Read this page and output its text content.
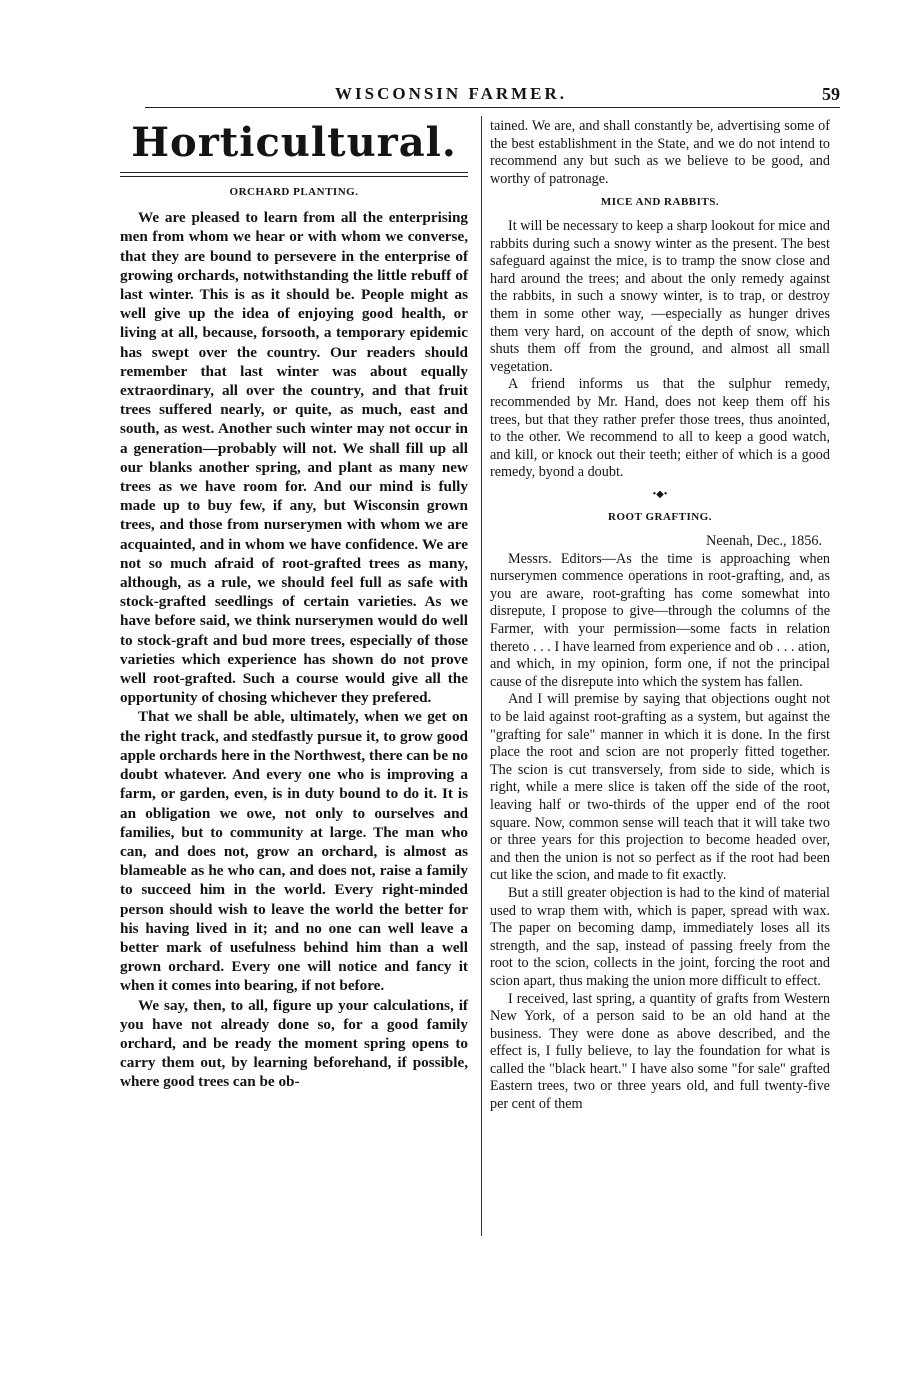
WISCONSIN FARMER.	59
Horticultural.
ORCHARD PLANTING.

We are pleased to learn from all the enterprising men from whom we hear or with whom we converse, that they are bound to persevere in the enterprise of growing orchards, notwithstanding the little rebuff of last winter. This is as it should be. People might as well give up the idea of enjoying good health, or living at all, because, forsooth, a temporary epidemic has swept over the country. Our readers should remember that last winter was about equally extraordinary, all over the country, and that fruit trees suffered nearly, or quite, as much, east and south, as west. Another such winter may not occur in a generation—probably will not. We shall fill up all our blanks another spring, and plant as many new trees as we have room for. And our mind is fully made up to buy few, if any, but Wisconsin grown trees, and those from nurserymen with whom we are acquainted, and in whom we have confidence. We are not so much afraid of root-grafted trees as many, although, as a rule, we should feel full as safe with stock-grafted seedlings of certain varieties. As we have before said, we think nurserymen would do well to stock-graft and bud more trees, especially of those varieties which experience has shown do not prove well root-grafted. Such a course would give all the opportunity of chosing whichever they prefered.

That we shall be able, ultimately, when we get on the right track, and stedfastly pursue it, to grow good apple orchards here in the Northwest, there can be no doubt whatever. And every one who is improving a farm, or garden, even, is in duty bound to do it. It is an obligation we owe, not only to ourselves and families, but to community at large. The man who can, and does not, grow an orchard, is almost as blameable as he who can, and does not, raise a family to succeed him in the world. Every right-minded person should wish to leave the world the better for his having lived in it; and no one can well leave a better mark of usefulness behind him than a well grown orchard. Every one will notice and fancy it when it comes into bearing, if not before.

We say, then, to all, figure up your calculations, if you have not already done so, for a good family orchard, and be ready the moment spring opens to carry them out, by learning beforehand, if possible, where good trees can be ob-

tained. We are, and shall constantly be, advertising some of the best establishment in the State, and we do not intend to recommend any but such as we believe to be good, and worthy of patronage.

MICE AND RABBITS.

It will be necessary to keep a sharp lookout for mice and rabbits during such a snowy winter as the present. The best safeguard against the mice, is to tramp the snow close and hard around the trees; and about the only remedy against the rabbits, in such a snowy winter, is to trap, or destroy them in some other way, —especially as hunger drives them very hard, on account of the depth of snow, which shuts them off from the ground, and almost all small vegetation.

A friend informs us that the sulphur remedy, recommended by Mr. Hand, does not keep them off his trees, but that they rather prefer those trees, thus anointed, to the other. We recommend to all to keep a good watch, and kill, or knock out their teeth; either of which is a good remedy, byond a doubt.

•◆•
ROOT GRAFTING.
Neenah, Dec., 1856.

Messrs. Editors—As the time is approaching when nurserymen commence operations in root-grafting, and, as you are aware, root-grafting has come somewhat into disrepute, I propose to give—through the columns of the Farmer, with your permission—some facts in relation thereto . . . I have learned from experience and ob . . . ation, and which, in my opinion, form one, if not the principal cause of the disrepute into which the system has fallen.

And I will premise by saying that objections ought not to be laid against root-grafting as a system, but against the "grafting for sale" manner in which it is done. In the first place the root and scion are not properly fitted together. The scion is cut transversely, from side to side, which is right, while a mere slice is taken off the side of the root, leaving half or two-thirds of the upper end of the root square. Now, common sense will teach that it will take two or three years for this projection to become headed over, and then the union is not so perfect as if the root had been cut like the scion, and made to fit exactly.

But a still greater objection is had to the kind of material used to wrap them with, which is paper, spread with wax. The paper on becoming damp, immediately loses all its strength, and the sap, instead of passing freely from the root to the scion, collects in the joint, forcing the root and scion apart, thus making the union more difficult to effect.

I received, last spring, a quantity of grafts from Western New York, of a person said to be an old hand at the business. They were done as above described, and the effect is, I fully believe, to lay the foundation for what is called the "black heart." I have also some "for sale" grafted Eastern trees, two or three years old, and full twenty-five per cent of them
